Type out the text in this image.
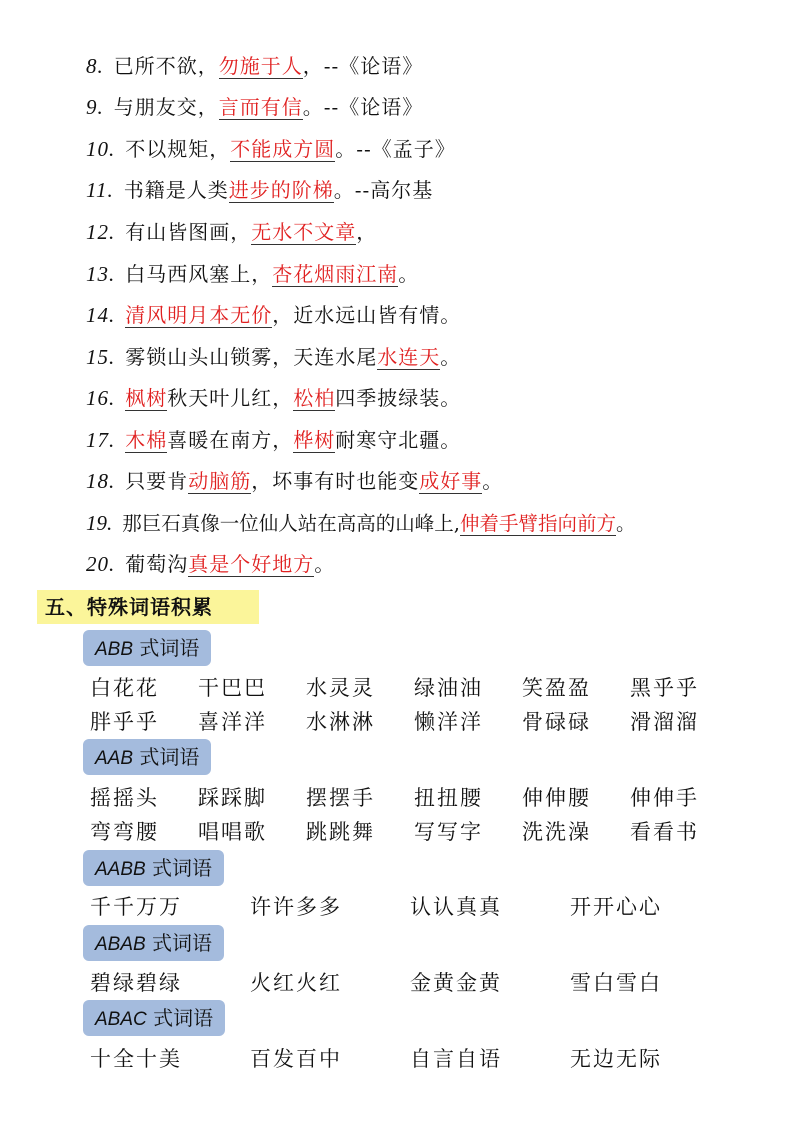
8. 已所不欲，勿施于人，--《论语》
9. 与朋友交，言而有信。--《论语》
10. 不以规矩，不能成方圆。--《孟子》
11. 书籍是人类进步的阶梯。--高尔基
12. 有山皆图画，无水不文章，
13. 白马西风塞上，杏花烟雨江南。
14. 清风明月本无价，近水远山皆有情。
15. 雾锁山头山锁雾，天连水尾水连天。
16. 枫树秋天叶儿红，松柏四季披绿装。
17. 木棉喜暖在南方，桦树耐寒守北疆。
18. 只要肯动脑筋，坏事有时也能变成好事。
19. 那巨石真像一位仙人站在高高的山峰上,伸着手臂指向前方。
20. 葡萄沟真是个好地方。
五、特殊词语积累
ABB 式词语
白花花 干巴巴 水灵灵 绿油油 笑盈盈 黑乎乎
胖乎乎 喜洋洋 水淋淋 懒洋洋 骨碌碌 滑溜溜
AAB 式词语
摇摇头 踩踩脚 摆摆手 扭扭腰 伸伸腰 伸伸手
弯弯腰 唱唱歌 跳跳舞 写写字 洗洗澡 看看书
AABB 式词语
千千万万	许许多多	认认真真	开开心心
ABAB 式词语
碧绿碧绿	火红火红	金黄金黄	雪白雪白
ABAC 式词语
十全十美	百发百中	自言自语	无边无际
